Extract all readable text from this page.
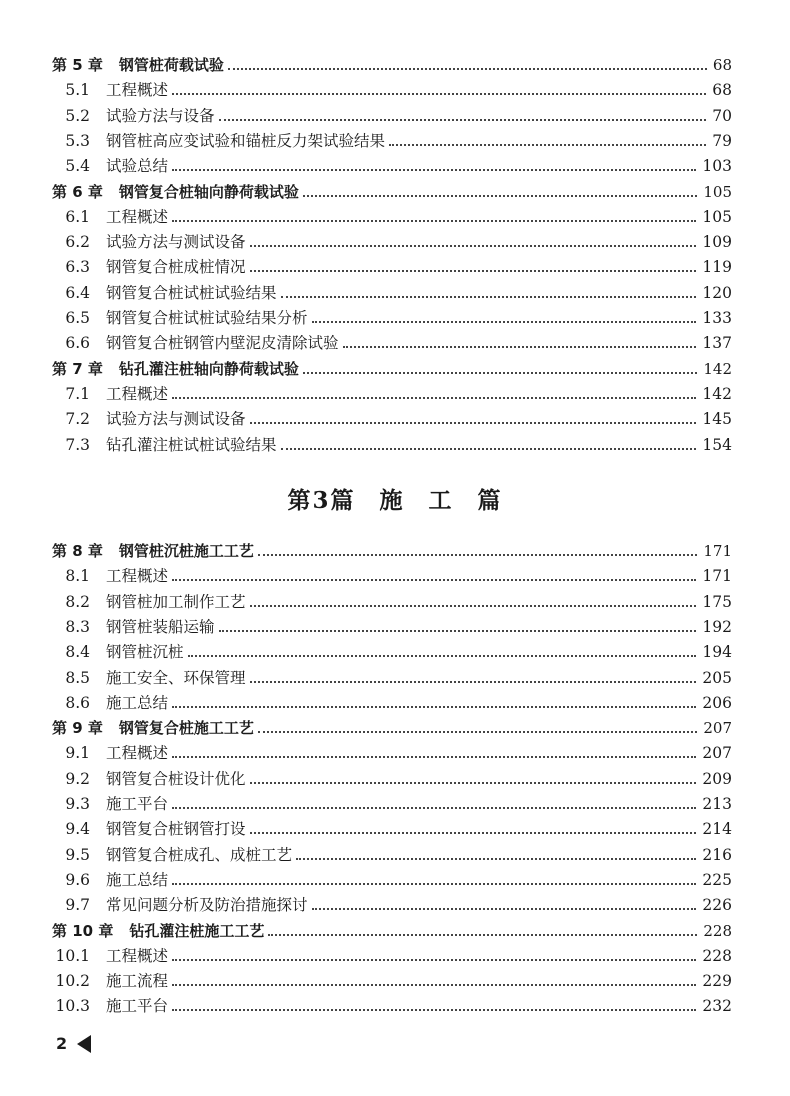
第 5 章 钢管桩荷载试验	68
5.1 工程概述	68
5.2 试验方法与设备	70
5.3 钢管桩高应变试验和锚桩反力架试验结果	79
5.4 试验总结	103
第 6 章 钢管复合桩轴向静荷载试验	105
6.1 工程概述	105
6.2 试验方法与测试设备	109
6.3 钢管复合桩成桩情况	119
6.4 钢管复合桩试桩试验结果	120
6.5 钢管复合桩试桩试验结果分析	133
6.6 钢管复合桩钢管内壁泥皮清除试验	137
第 7 章 钻孔灌注桩轴向静荷载试验	142
7.1 工程概述	142
7.2 试验方法与测试设备	145
7.3 钻孔灌注桩试桩试验结果	154
第3篇 施 工 篇
第 8 章 钢管桩沉桩施工工艺	171
8.1 工程概述	171
8.2 钢管桩加工制作工艺	175
8.3 钢管桩装船运输	192
8.4 钢管桩沉桩	194
8.5 施工安全、环保管理	205
8.6 施工总结	206
第 9 章 钢管复合桩施工工艺	207
9.1 工程概述	207
9.2 钢管复合桩设计优化	209
9.3 施工平台	213
9.4 钢管复合桩钢管打设	214
9.5 钢管复合桩成孔、成桩工艺	216
9.6 施工总结	225
9.7 常见问题分析及防治措施探讨	226
第 10 章 钻孔灌注桩施工工艺	228
10.1 工程概述	228
10.2 施工流程	229
10.3 施工平台	232
2
